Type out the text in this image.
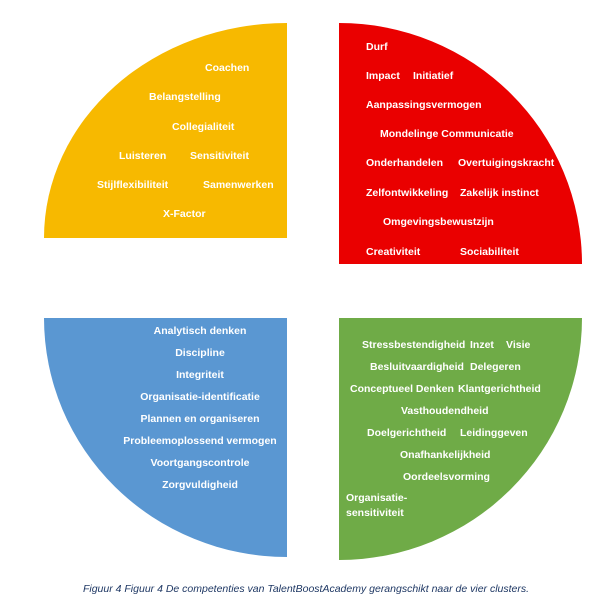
Coachen
Belangstelling
Collegialiteit
Luisteren Sensitiviteit
Stijlflexibiliteit	Samenwerken
X-Factor
Durf
Impact Initiatief
Aanpassingsvermogen
Mondelinge Communicatie
Onderhandelen Overtuigingskracht
Zelfontwikkeling Zakelijk instinct
Omgevingsbewustzijn
Creativiteit	Sociabiliteit
Analytisch denken
Discipline
Integriteit
Organisatie-identificatie
Plannen en organiseren
Probleemoplossend vermogen
Voortgangscontrole
Zorgvuldigheid
Stressbestendigheid Inzet Visie
Besluitvaardigheid Delegeren
Conceptueel Denken Klantgerichtheid
Vasthoudendheid
Doelgerichtheid Leidinggeven
Onafhankelijkheid
Oordeelsvorming
Organisatie-
sensitiviteit
Figuur 4 Figuur 4 De competenties van TalentBoostAcademy gerangschikt naar de vier clusters.
